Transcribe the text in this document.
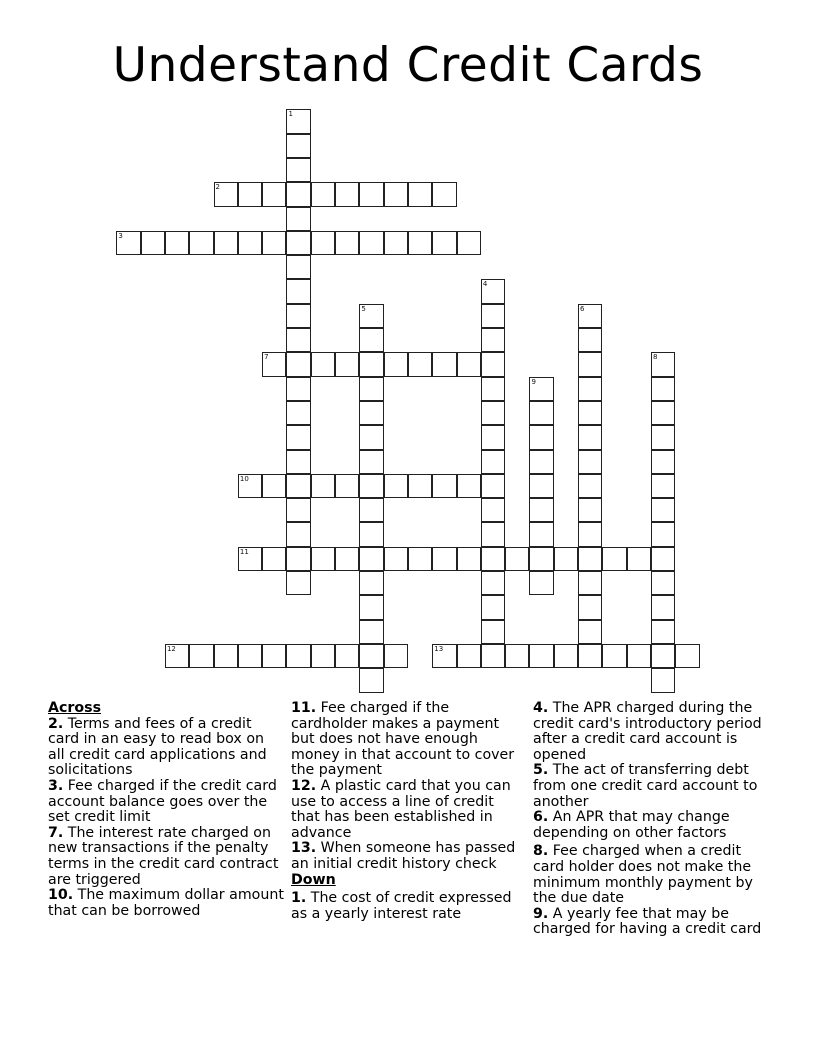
Understand Credit Cards
1
2
3
4
5	6
7	8
9
10
11
12	13
Across
2. Terms and fees of a credit card in an easy to read box on all credit card applications and solicitations
3. Fee charged if the credit card account balance goes over the set credit limit
7. The interest rate charged on new transactions if the penalty terms in the credit card contract are triggered
10. The maximum dollar amount that can be borrowed
11. Fee charged if the cardholder makes a payment but does not have enough money in that account to cover the payment
12. A plastic card that you can use to access a line of credit that has been established in advance
13. When someone has passed an initial credit history check
Down
1. The cost of credit expressed as a yearly interest rate
4. The APR charged during the credit card's introductory period after a credit card account is opened
5. The act of transferring debt from one credit card account to another
6. An APR that may change depending on other factors
8. Fee charged when a credit card holder does not make the minimum monthly payment by the due date
9. A yearly fee that may be charged for having a credit card
